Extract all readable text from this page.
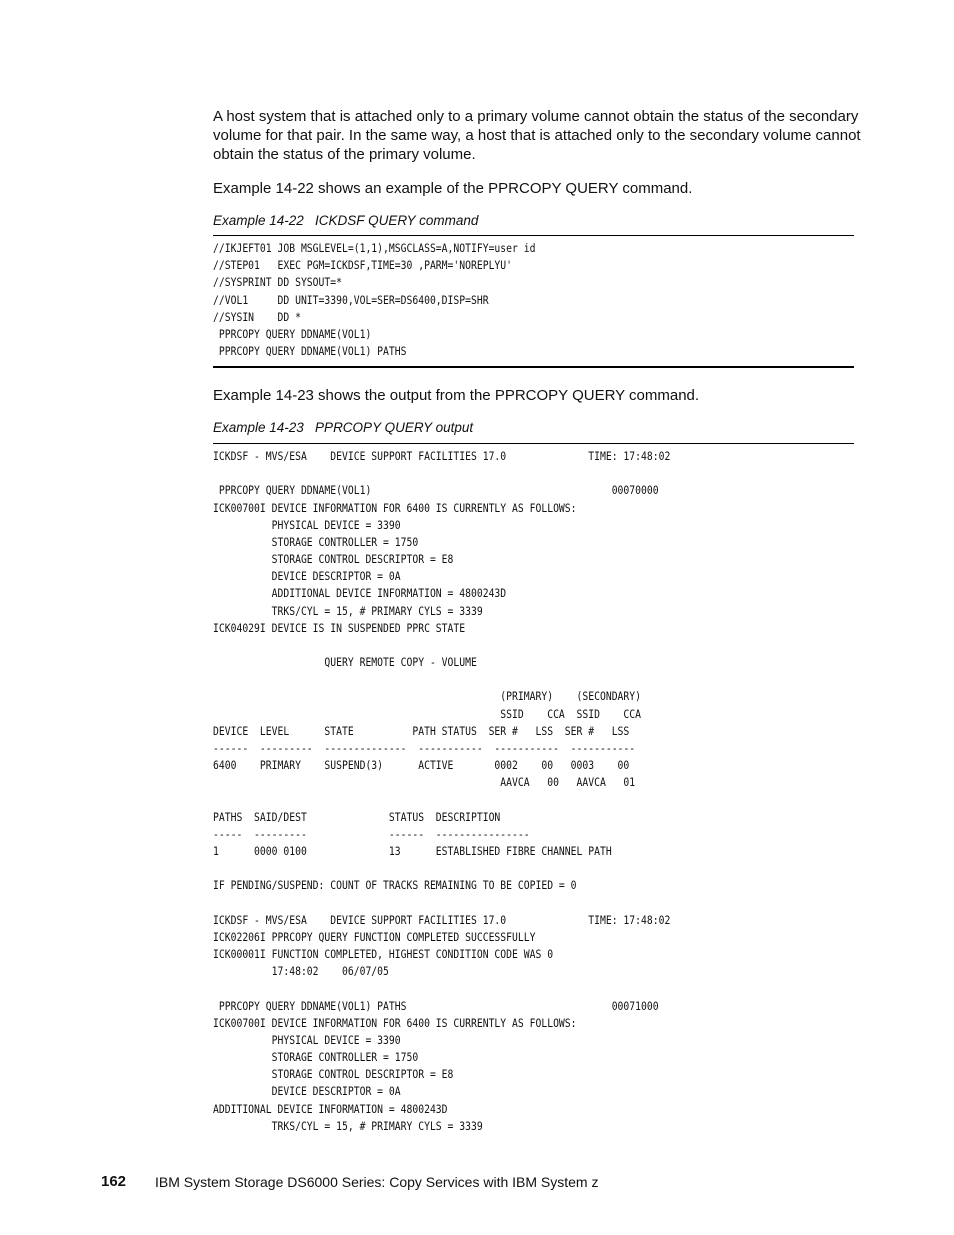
A host system that is attached only to a primary volume cannot obtain the status of the secondary volume for that pair. In the same way, a host that is attached only to the secondary volume cannot obtain the status of the primary volume.

Example 14-22 shows an example of the PPRCOPY QUERY command.

Example 14-22   ICKDSF QUERY command

//IKJEFT01 JOB MSGLEVEL=(1,1),MSGCLASS=A,NOTIFY=user id
//STEP01   EXEC PGM=ICKDSF,TIME=30 ,PARM='NOREPLYU'
//SYSPRINT DD SYSOUT=*
//VOL1     DD UNIT=3390,VOL=SER=DS6400,DISP=SHR
//SYSIN    DD *
PPRCOPY QUERY DDNAME(VOL1)
PPRCOPY QUERY DDNAME(VOL1) PATHS

Example 14-23 shows the output from the PPRCOPY QUERY command.

Example 14-23   PPRCOPY QUERY output

ICKDSF - MVS/ESA    DEVICE SUPPORT FACILITIES 17.0              TIME: 17:48:02

PPRCOPY QUERY DDNAME(VOL1)                                         00070000
ICK00700I DEVICE INFORMATION FOR 6400 IS CURRENTLY AS FOLLOWS:
PHYSICAL DEVICE = 3390
STORAGE CONTROLLER = 1750
STORAGE CONTROL DESCRIPTOR = E8
DEVICE DESCRIPTOR = 0A
ADDITIONAL DEVICE INFORMATION = 4800243D
TRKS/CYL = 15, # PRIMARY CYLS = 3339
ICK04029I DEVICE IS IN SUSPENDED PPRC STATE

QUERY REMOTE COPY - VOLUME

(PRIMARY)    (SECONDARY)
SSID    CCA  SSID    CCA
DEVICE  LEVEL      STATE          PATH STATUS  SER #   LSS  SER #   LSS
------  ---------  --------------  -----------  -----------  -----------
6400    PRIMARY    SUSPEND(3)      ACTIVE       0002    00   0003    00
AAVCA   00   AAVCA   01

PATHS  SAID/DEST              STATUS  DESCRIPTION
-----  ---------              ------  ----------------
1      0000 0100              13      ESTABLISHED FIBRE CHANNEL PATH

IF PENDING/SUSPEND: COUNT OF TRACKS REMAINING TO BE COPIED = 0

ICKDSF - MVS/ESA    DEVICE SUPPORT FACILITIES 17.0              TIME: 17:48:02
ICK02206I PPRCOPY QUERY FUNCTION COMPLETED SUCCESSFULLY
ICK00001I FUNCTION COMPLETED, HIGHEST CONDITION CODE WAS 0
17:48:02    06/07/05

PPRCOPY QUERY DDNAME(VOL1) PATHS                                   00071000
ICK00700I DEVICE INFORMATION FOR 6400 IS CURRENTLY AS FOLLOWS:
PHYSICAL DEVICE = 3390
STORAGE CONTROLLER = 1750
STORAGE CONTROL DESCRIPTOR = E8
DEVICE DESCRIPTOR = 0A
ADDITIONAL DEVICE INFORMATION = 4800243D
TRKS/CYL = 15, # PRIMARY CYLS = 3339
162 IBM System Storage DS6000 Series: Copy Services with IBM System z
